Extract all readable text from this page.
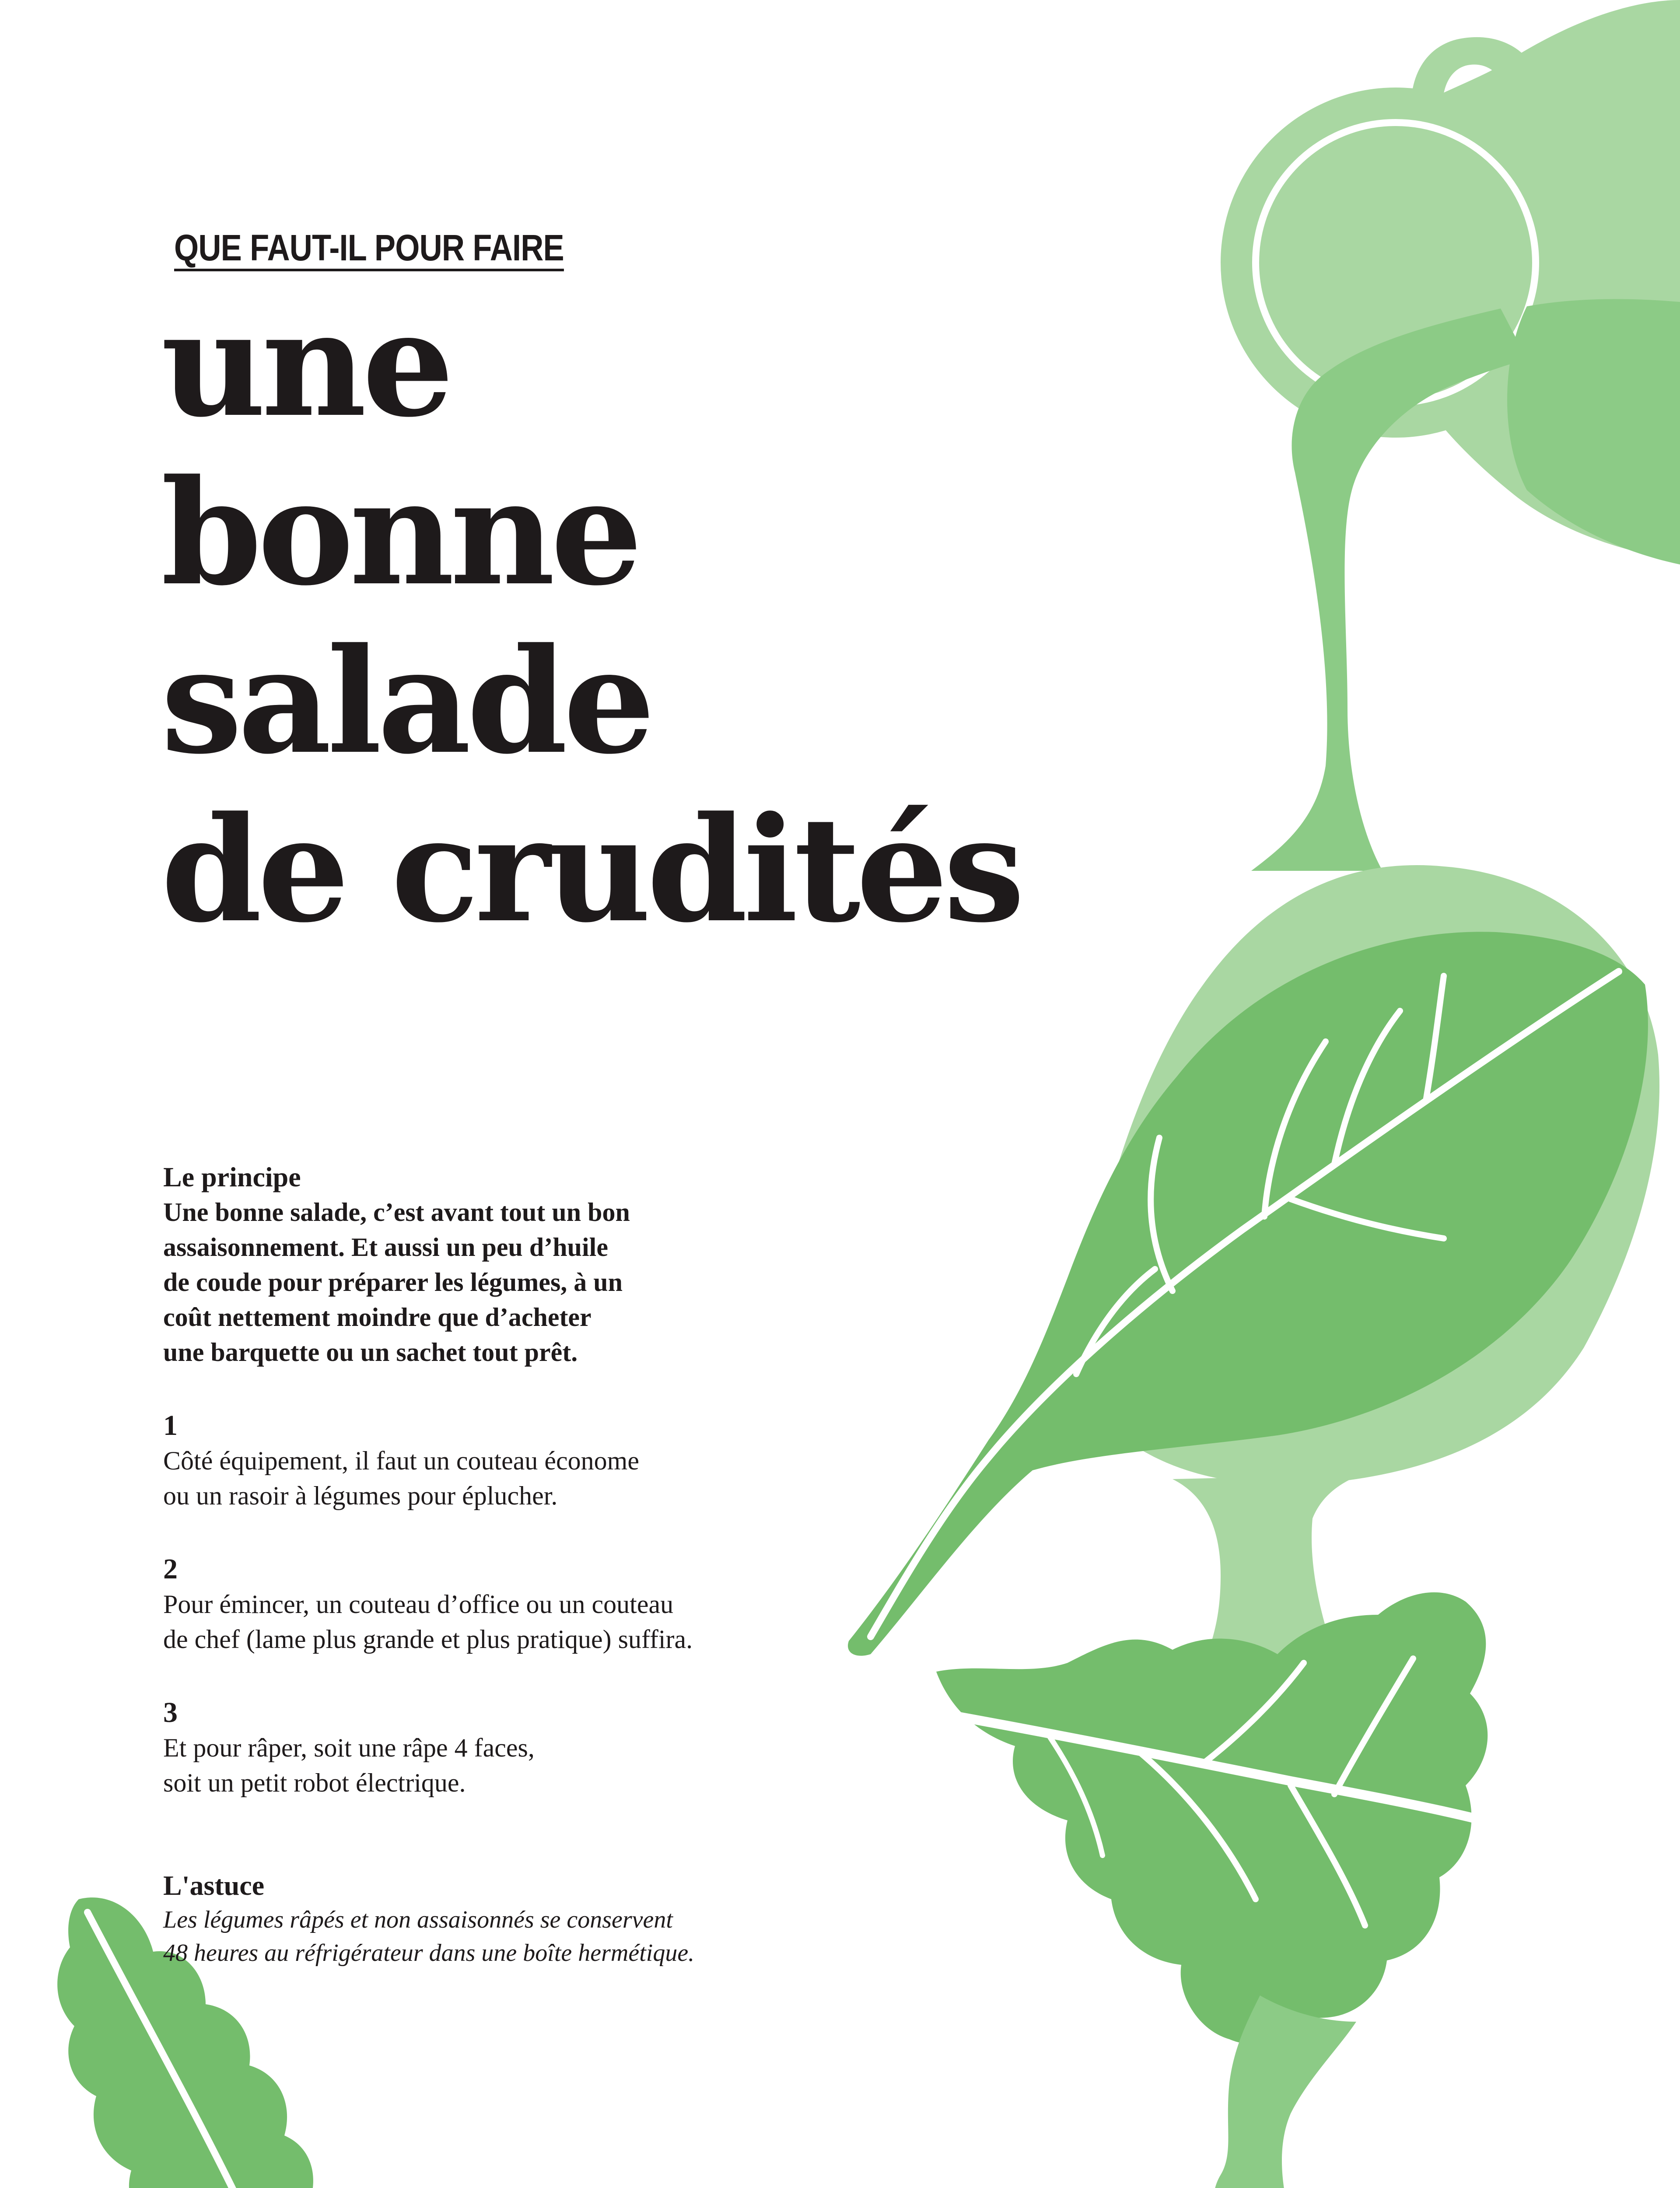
QUE FAUT-IL POUR FAIRE
une
bonne
salade
de crudités
Le principe

Une bonne salade, c’est avant tout un bon
assaisonnement. Et aussi un peu d’huile
de coude pour préparer les légumes, à un
coût nettement moindre que d’acheter
une barquette ou un sachet tout prêt.

1

Côté équipement, il faut un couteau économe
ou un rasoir à légumes pour éplucher.

2

Pour émincer, un couteau d’office ou un couteau
de chef (lame plus grande et plus pratique) suffira.

3

Et pour râper, soit une râpe 4 faces,
soit un petit robot électrique.

L'astuce

Les légumes râpés et non assaisonnés se conservent
48 heures au réfrigérateur dans une boîte hermétique.
